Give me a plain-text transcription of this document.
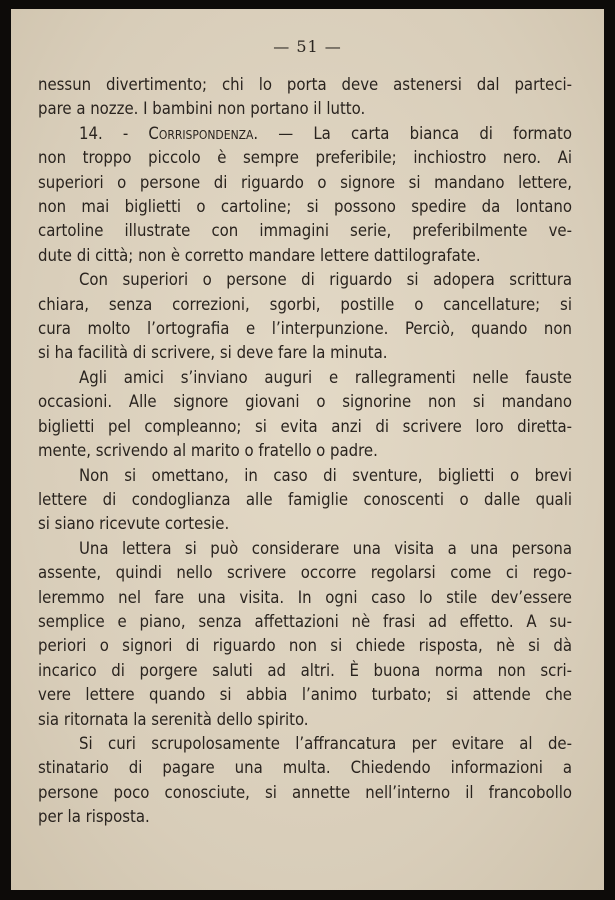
— 51 —

nessun divertimento; chi lo porta deve astenersi dal parteci-
pare a nozze. I bambini non portano il lutto.

14. - Corrispondenza. — La carta bianca di formato
non troppo piccolo è sempre preferibile; inchiostro nero. Ai
superiori o persone di riguardo o signore si mandano lettere,
non mai biglietti o cartoline; si possono spedire da lontano
cartoline illustrate con immagini serie, preferibilmente ve-
dute di città; non è corretto mandare lettere dattilografate.

Con superiori o persone di riguardo si adopera scrittura
chiara, senza correzioni, sgorbi, postille o cancellature; si
cura molto l’ortografia e l’interpunzione. Perciò, quando non
si ha facilità di scrivere, si deve fare la minuta.

Agli amici s’inviano auguri e rallegramenti nelle fauste
occasioni. Alle signore giovani o signorine non si mandano
biglietti pel compleanno; si evita anzi di scrivere loro diretta-
mente, scrivendo al marito o fratello o padre.

Non si omettano, in caso di sventure, biglietti o brevi
lettere di condoglianza alle famiglie conoscenti o dalle quali
si siano ricevute cortesie.

Una lettera si può considerare una visita a una persona
assente, quindi nello scrivere occorre regolarsi come ci rego-
leremmo nel fare una visita. In ogni caso lo stile dev’essere
semplice e piano, senza affettazioni nè frasi ad effetto. A su-
periori o signori di riguardo non si chiede risposta, nè si dà
incarico di porgere saluti ad altri. È buona norma non scri-
vere lettere quando si abbia l’animo turbato; si attende che
sia ritornata la serenità dello spirito.

Si curi scrupolosamente l’affrancatura per evitare al de-
stinatario di pagare una multa. Chiedendo informazioni a
persone poco conosciute, si annette nell’interno il francobollo
per la risposta.
